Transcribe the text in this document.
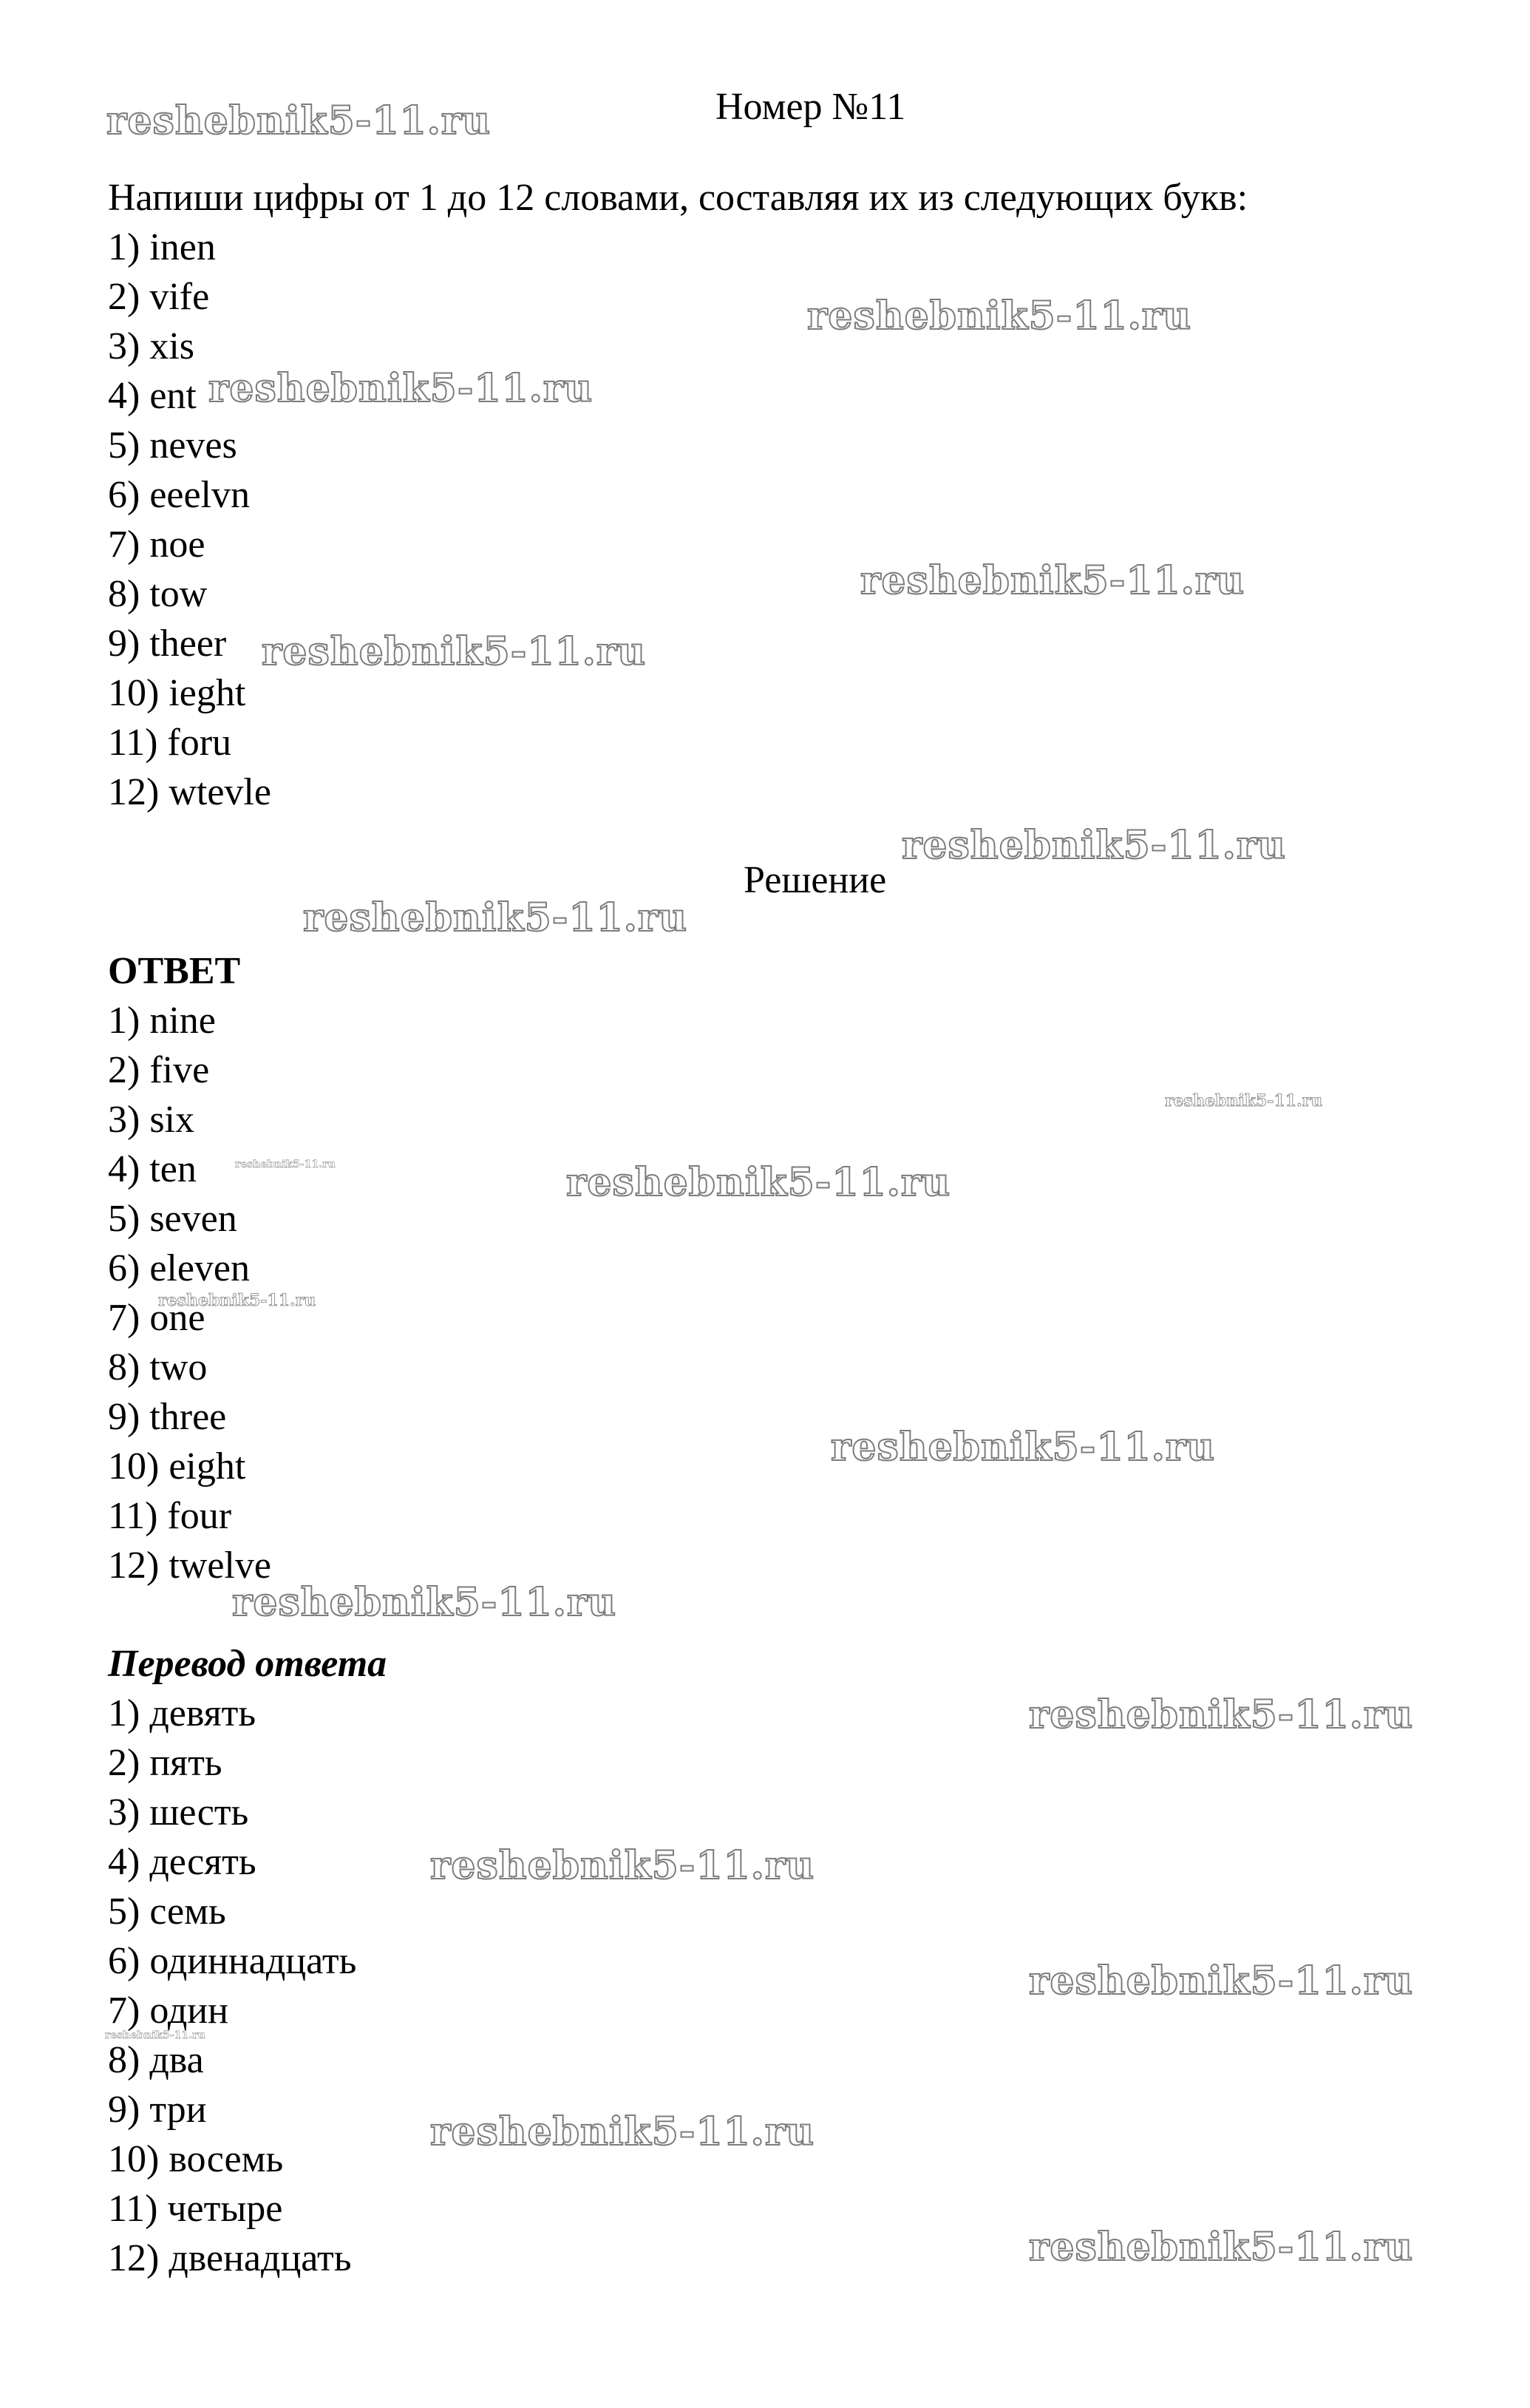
Номер №11
Напиши цифры от 1 до 12 словами, составляя их из следующих букв:
1) inen
2) vife
3) xis
4) ent
5) neves
6) eeelvn
7) noe
8) tow
9) theer
10) ieght
11) foru
12) wtevle
Решение
ОТВЕТ
1) nine
2) five
3) six
4) ten
5) seven
6) eleven
7) one
8) two
9) three
10) eight
11) four
12) twelve
Перевод ответа
1) девять
2) пять
3) шесть
4) десять
5) семь
6) одиннадцать
7) один
8) два
9) три
10) восемь
11) четыре
12) двенадцать
reshebnik5-11.ru
reshebnik5-11.ru
reshebnik5-11.ru
reshebnik5-11.ru
reshebnik5-11.ru
reshebnik5-11.ru
reshebnik5-11.ru
reshebnik5-11.ru
reshebnik5-11.ru	reshebnik5-11.ru
reshebnik5-11.ru
reshebnik5-11.ru
reshebnik5-11.ru
reshebnik5-11.ru
reshebnik5-11.ru
reshebnik5-11.ru
reshebnik5-11.ru
reshebnik5-11.ru
reshebnik5-11.ru
